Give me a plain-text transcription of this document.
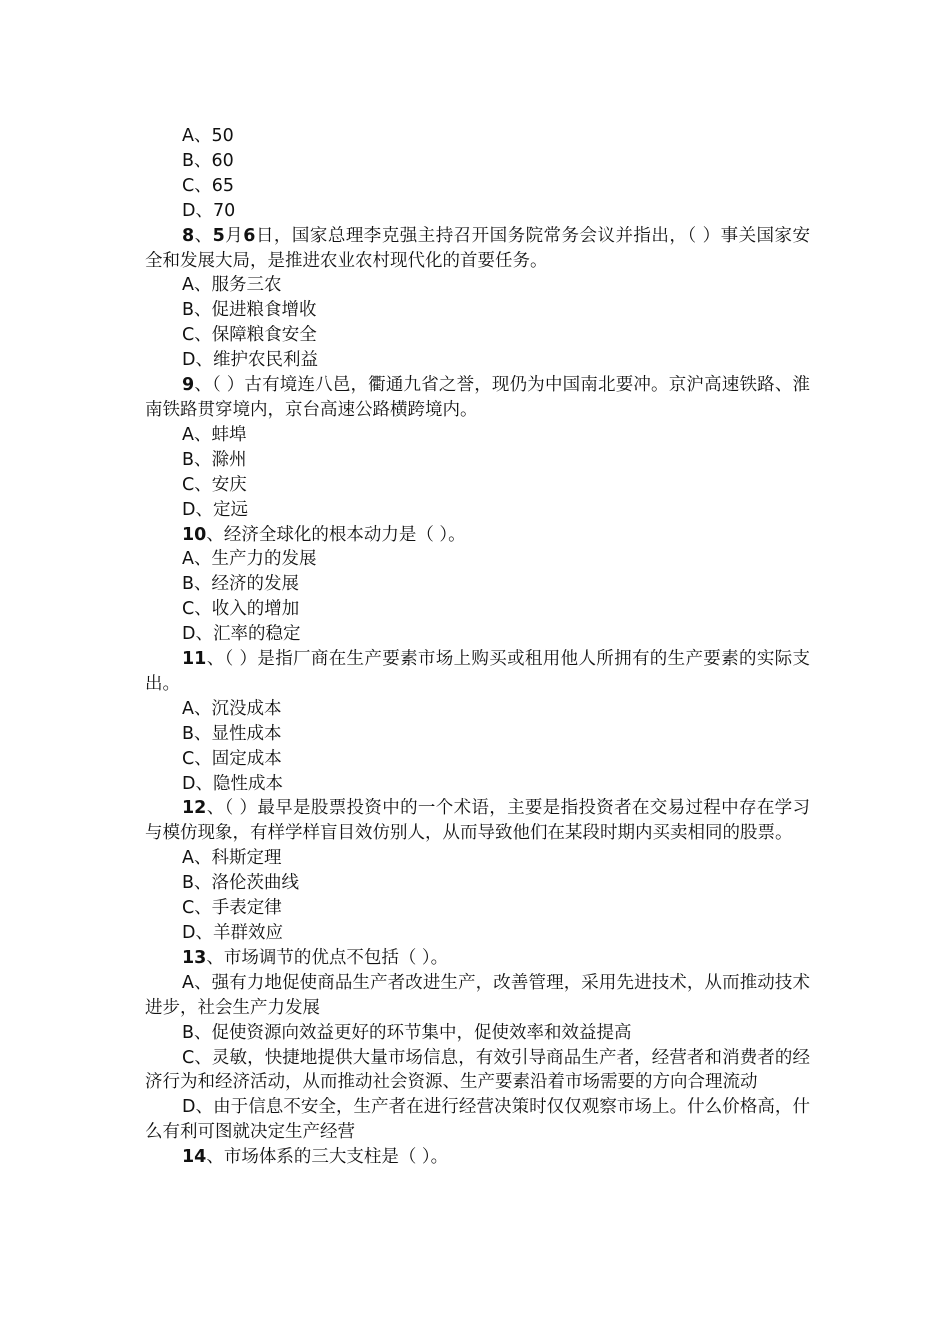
A、50

B、60

C、65

D、70

8、5月6日，国家总理李克强主持召开国务院常务会议并指出，（ ）事关国家安全和发展大局，是推进农业农村现代化的首要任务。

A、服务三农

B、促进粮食增收

C、保障粮食安全

D、维护农民利益

9、（ ）古有境连八邑，衢通九省之誉，现仍为中国南北要冲。京沪高速铁路、淮南铁路贯穿境内，京台高速公路横跨境内。

A、蚌埠

B、滁州

C、安庆

D、定远

10、经济全球化的根本动力是（ ）。

A、生产力的发展

B、经济的发展

C、收入的增加

D、汇率的稳定

11、（ ）是指厂商在生产要素市场上购买或租用他人所拥有的生产要素的实际支出。

A、沉没成本

B、显性成本

C、固定成本

D、隐性成本

12、（ ）最早是股票投资中的一个术语，主要是指投资者在交易过程中存在学习与模仿现象，有样学样盲目效仿别人，从而导致他们在某段时期内买卖相同的股票。

A、科斯定理

B、洛伦茨曲线

C、手表定律

D、羊群效应

13、市场调节的优点不包括（ ）。

A、强有力地促使商品生产者改进生产，改善管理，采用先进技术，从而推动技术进步，社会生产力发展

B、促使资源向效益更好的环节集中，促使效率和效益提高

C、灵敏，快捷地提供大量市场信息，有效引导商品生产者，经营者和消费者的经济行为和经济活动，从而推动社会资源、生产要素沿着市场需要的方向合理流动

D、由于信息不安全，生产者在进行经营决策时仅仅观察市场上。什么价格高，什么有利可图就决定生产经营

14、市场体系的三大支柱是（ ）。
